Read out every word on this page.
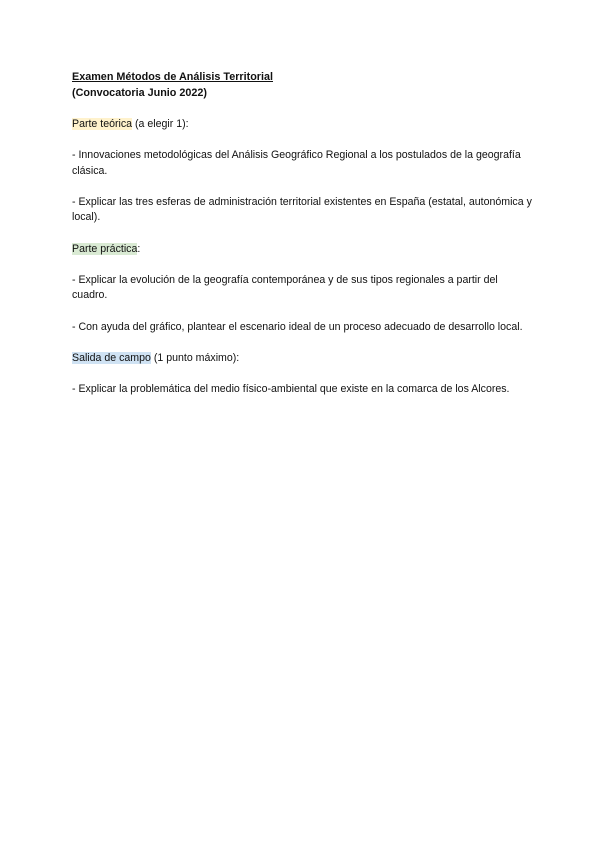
Examen Métodos de Análisis Territorial

(Convocatoria Junio 2022)

Parte teórica (a elegir 1):

- Innovaciones metodológicas del Análisis Geográfico Regional a los postulados de la geografía clásica.

- Explicar las tres esferas de administración territorial existentes en España (estatal, autonómica y local).

Parte práctica:

- Explicar la evolución de la geografía contemporánea y de sus tipos regionales a partir del cuadro.

- Con ayuda del gráfico, plantear el escenario ideal de un proceso adecuado de desarrollo local.

Salida de campo (1 punto máximo):

- Explicar la problemática del medio físico-ambiental que existe en la comarca de los Alcores.
